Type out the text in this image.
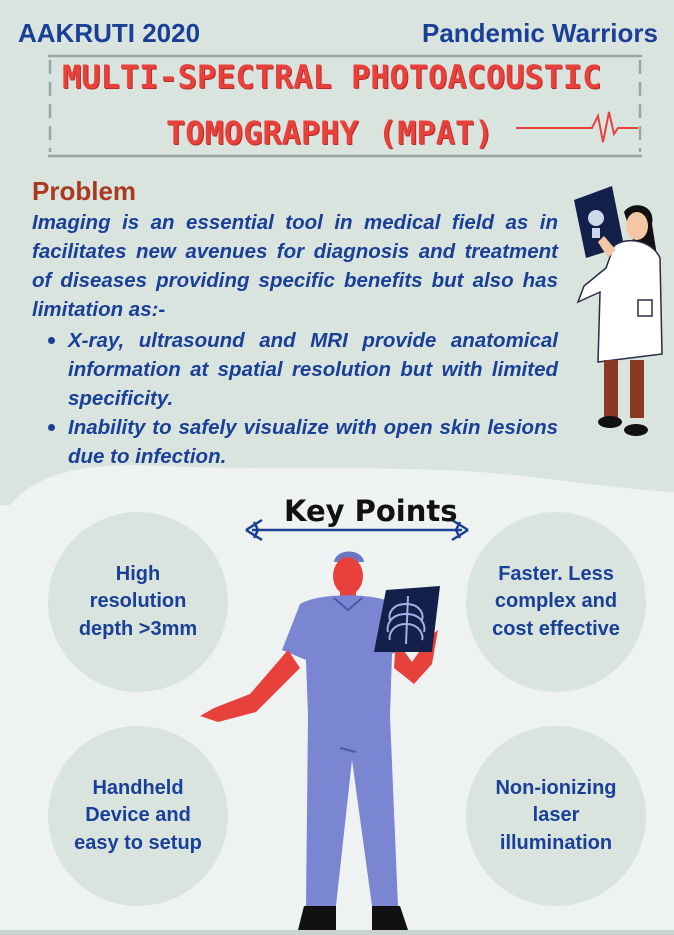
AAKRUTI 2020	Pandemic Warriors
MULTI-SPECTRAL PHOTOACOUSTIC
TOMOGRAPHY (MPAT)
Problem
Imaging is an essential tool in medical field as in facilitates new avenues for diagnosis and treatment of diseases providing specific benefits but also has limitation as:-
X-ray, ultrasound and MRI provide anatomical information at spatial resolution but with limited specificity.
Inability to safely visualize with open skin lesions due to infection.
Key Points
High resolution depth >3mm
Faster. Less complex and cost effective
Handheld Device and easy to setup
Non-ionizing laser illumination
